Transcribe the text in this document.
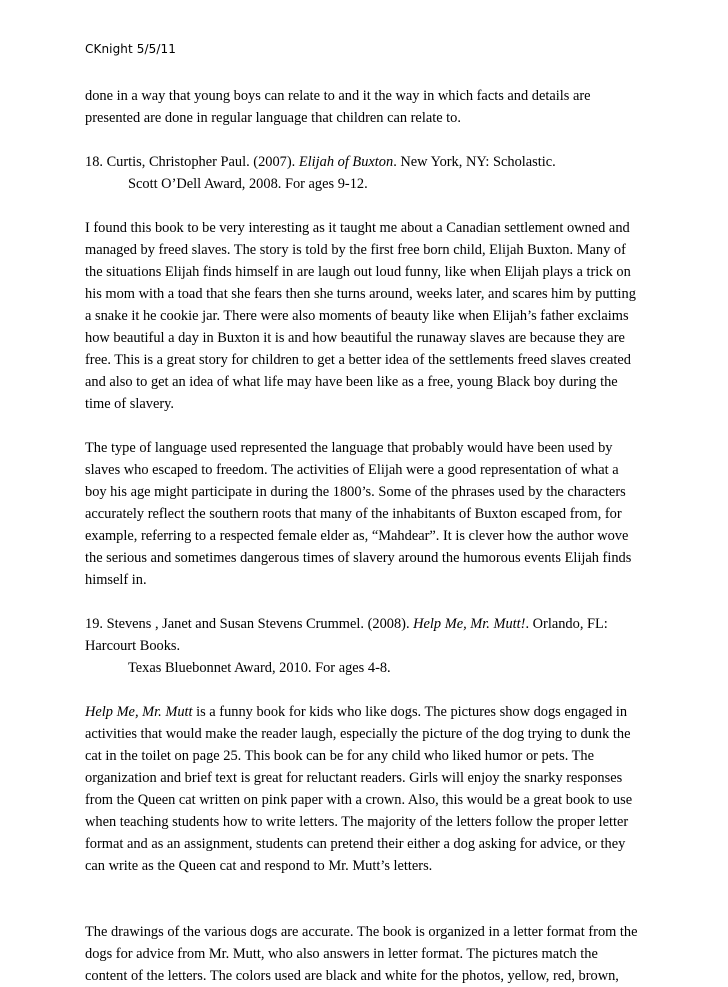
CKnight 5/5/11

done in a way that young boys can relate to and it the way in which facts and details are

presented are done in regular language that children can relate to.

18. Curtis, Christopher Paul. (2007). Elijah of Buxton. New York, NY: Scholastic.

Scott O’Dell Award, 2008. For ages 9-12.

I found this book to be very interesting as it taught me about a Canadian settlement owned and

managed by freed slaves. The story is told by the first free born child, Elijah Buxton. Many of

the situations Elijah finds himself in are laugh out loud funny, like when Elijah plays a trick on

his mom with a toad that she fears then she turns around, weeks later, and scares him by putting

a snake it he cookie jar. There were also moments of beauty like when Elijah’s father exclaims

how beautiful a day in Buxton it is and how beautiful the runaway slaves are because they are

free. This is a great story for children to get a better idea of the settlements freed slaves created

and also to get an idea of what life may have been like as a free, young Black boy during the

time of slavery.

The type of language used represented the language that probably would have been used by

slaves who escaped to freedom. The activities of Elijah were a good representation of what a

boy his age might participate in during the 1800’s. Some of the phrases used by the characters

accurately reflect the southern roots that many of the inhabitants of Buxton escaped from, for

example, referring to a respected female elder as, “Mahdear”. It is clever how the author wove

the serious and sometimes dangerous times of slavery around the humorous events Elijah finds

himself in.

19. Stevens , Janet and Susan Stevens Crummel. (2008). Help Me, Mr. Mutt!. Orlando, FL:

Harcourt Books.

Texas Bluebonnet Award, 2010. For ages 4-8.

Help Me, Mr. Mutt is a funny book for kids who like dogs. The pictures show dogs engaged in

activities that would make the reader laugh, especially the picture of the dog trying to dunk the

cat in the toilet on page 25. This book can be for any child who liked humor or pets. The

organization and brief text is great for reluctant readers. Girls will enjoy the snarky responses

from the Queen cat written on pink paper with a crown. Also, this would be a great book to use

when teaching students how to write letters. The majority of the letters follow the proper letter

format and as an assignment, students can pretend their either a dog asking for advice, or they

can write as the Queen cat and respond to Mr. Mutt’s letters.

The drawings of the various dogs are accurate. The book is organized in a letter format from the

dogs for advice from Mr. Mutt, who also answers in letter format. The pictures match the

content of the letters. The colors used are black and white for the photos, yellow, red, brown,
